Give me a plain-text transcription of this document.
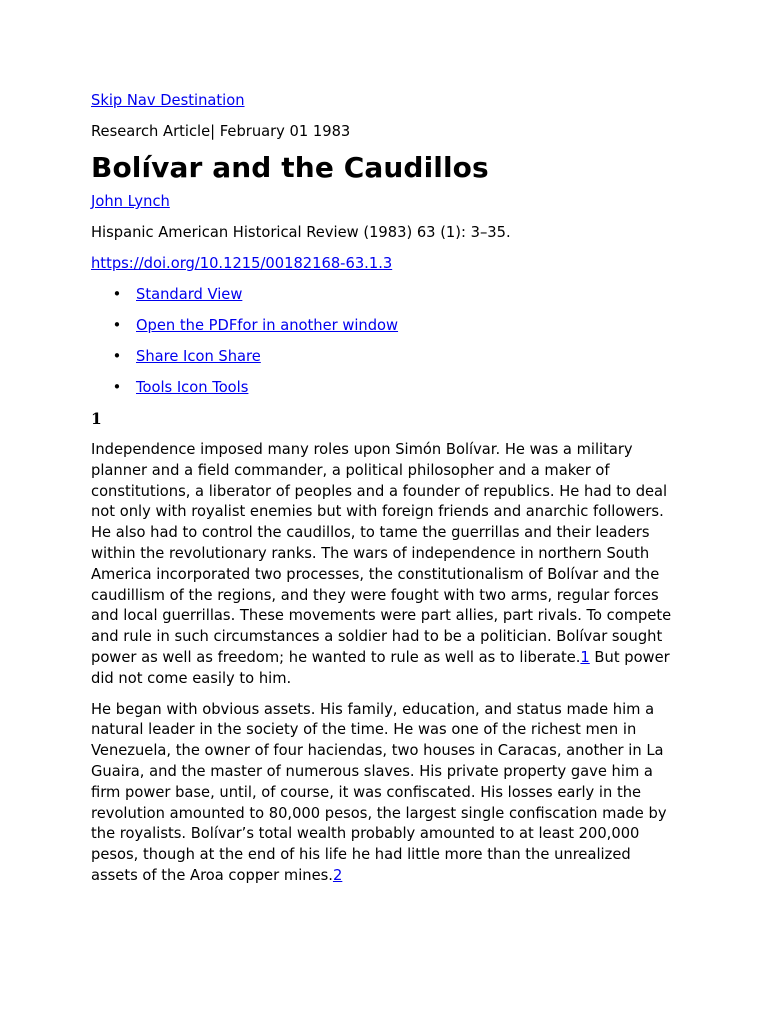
Skip Nav Destination
Research Article| February 01 1983
Bolívar and the Caudillos
John Lynch
Hispanic American Historical Review (1983) 63 (1): 3–35.
https://doi.org/10.1215/00182168-63.1.3
• Standard View
• Open the PDFfor in another window
• Share Icon Share
• Tools Icon Tools
1

Independence imposed many roles upon Simón Bolívar. He was a military planner and a field commander, a political philosopher and a maker of constitutions, a liberator of peoples and a founder of republics. He had to deal not only with royalist enemies but with foreign friends and anarchic followers. He also had to control the caudillos, to tame the guerrillas and their leaders within the revolutionary ranks. The wars of independence in northern South America incorporated two processes, the constitutionalism of Bolívar and the caudillism of the regions, and they were fought with two arms, regular forces and local guerrillas. These movements were part allies, part rivals. To compete and rule in such circumstances a soldier had to be a politician. Bolívar sought power as well as freedom; he wanted to rule as well as to liberate.1 But power did not come easily to him.

He began with obvious assets. His family, education, and status made him a natural leader in the society of the time. He was one of the richest men in Venezuela, the owner of four haciendas, two houses in Caracas, another in La Guaira, and the master of numerous slaves. His private property gave him a firm power base, until, of course, it was confiscated. His losses early in the revolution amounted to 80,000 pesos, the largest single confiscation made by the royalists. Bolívar’s total wealth probably amounted to at least 200,000 pesos, though at the end of his life he had little more than the unrealized assets of the Aroa copper mines.2
